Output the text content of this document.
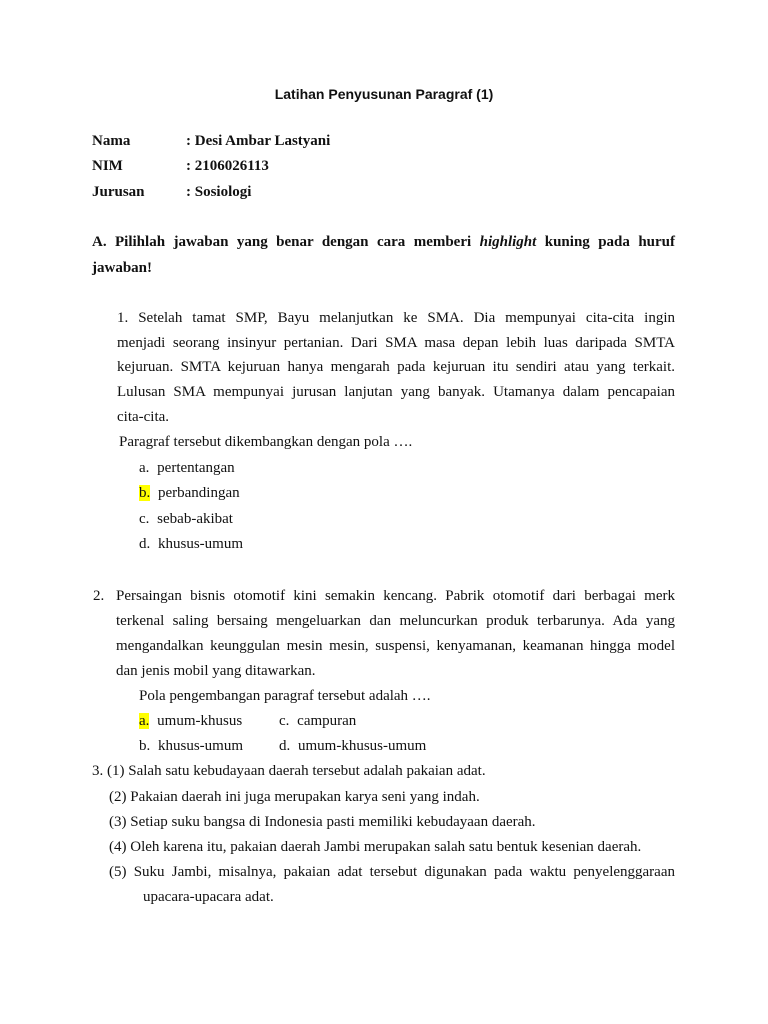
Latihan Penyusunan Paragraf (1)
Nama	: Desi Ambar Lastyani
NIM	: 2106026113
Jurusan	: Sosiologi
A. Pilihlah jawaban yang benar dengan cara memberi highlight kuning pada huruf
jawaban!
1. Setelah tamat SMP, Bayu melanjutkan ke SMA. Dia mempunyai cita-cita ingin
menjadi seorang insinyur pertanian. Dari SMA masa depan lebih luas daripada SMTA
kejuruan. SMTA kejuruan hanya mengarah pada kejuruan itu sendiri atau yang terkait.
Lulusan SMA mempunyai jurusan lanjutan yang banyak. Utamanya dalam pencapaian
cita-cita.
Paragraf tersebut dikembangkan dengan pola ….
a. pertentangan
b. perbandingan
c. sebab-akibat
d. khusus-umum
2. Persaingan bisnis otomotif kini semakin kencang. Pabrik otomotif dari berbagai merk
terkenal saling bersaing mengeluarkan dan meluncurkan produk terbarunya. Ada yang
mengandalkan keunggulan mesin mesin, suspensi, kenyamanan, keamanan hingga model
dan jenis mobil yang ditawarkan.
Pola pengembangan paragraf tersebut adalah ….
a. umum-khusus c. campuran
b. khusus-umum d. umum-khusus-umum
3. (1) Salah satu kebudayaan daerah tersebut adalah pakaian adat.
(2) Pakaian daerah ini juga merupakan karya seni yang indah.
(3) Setiap suku bangsa di Indonesia pasti memiliki kebudayaan daerah.
(4) Oleh karena itu, pakaian daerah Jambi merupakan salah satu bentuk kesenian daerah.
(5) Suku Jambi, misalnya, pakaian adat tersebut digunakan pada waktu penyelenggaraan
upacara-upacara adat.
